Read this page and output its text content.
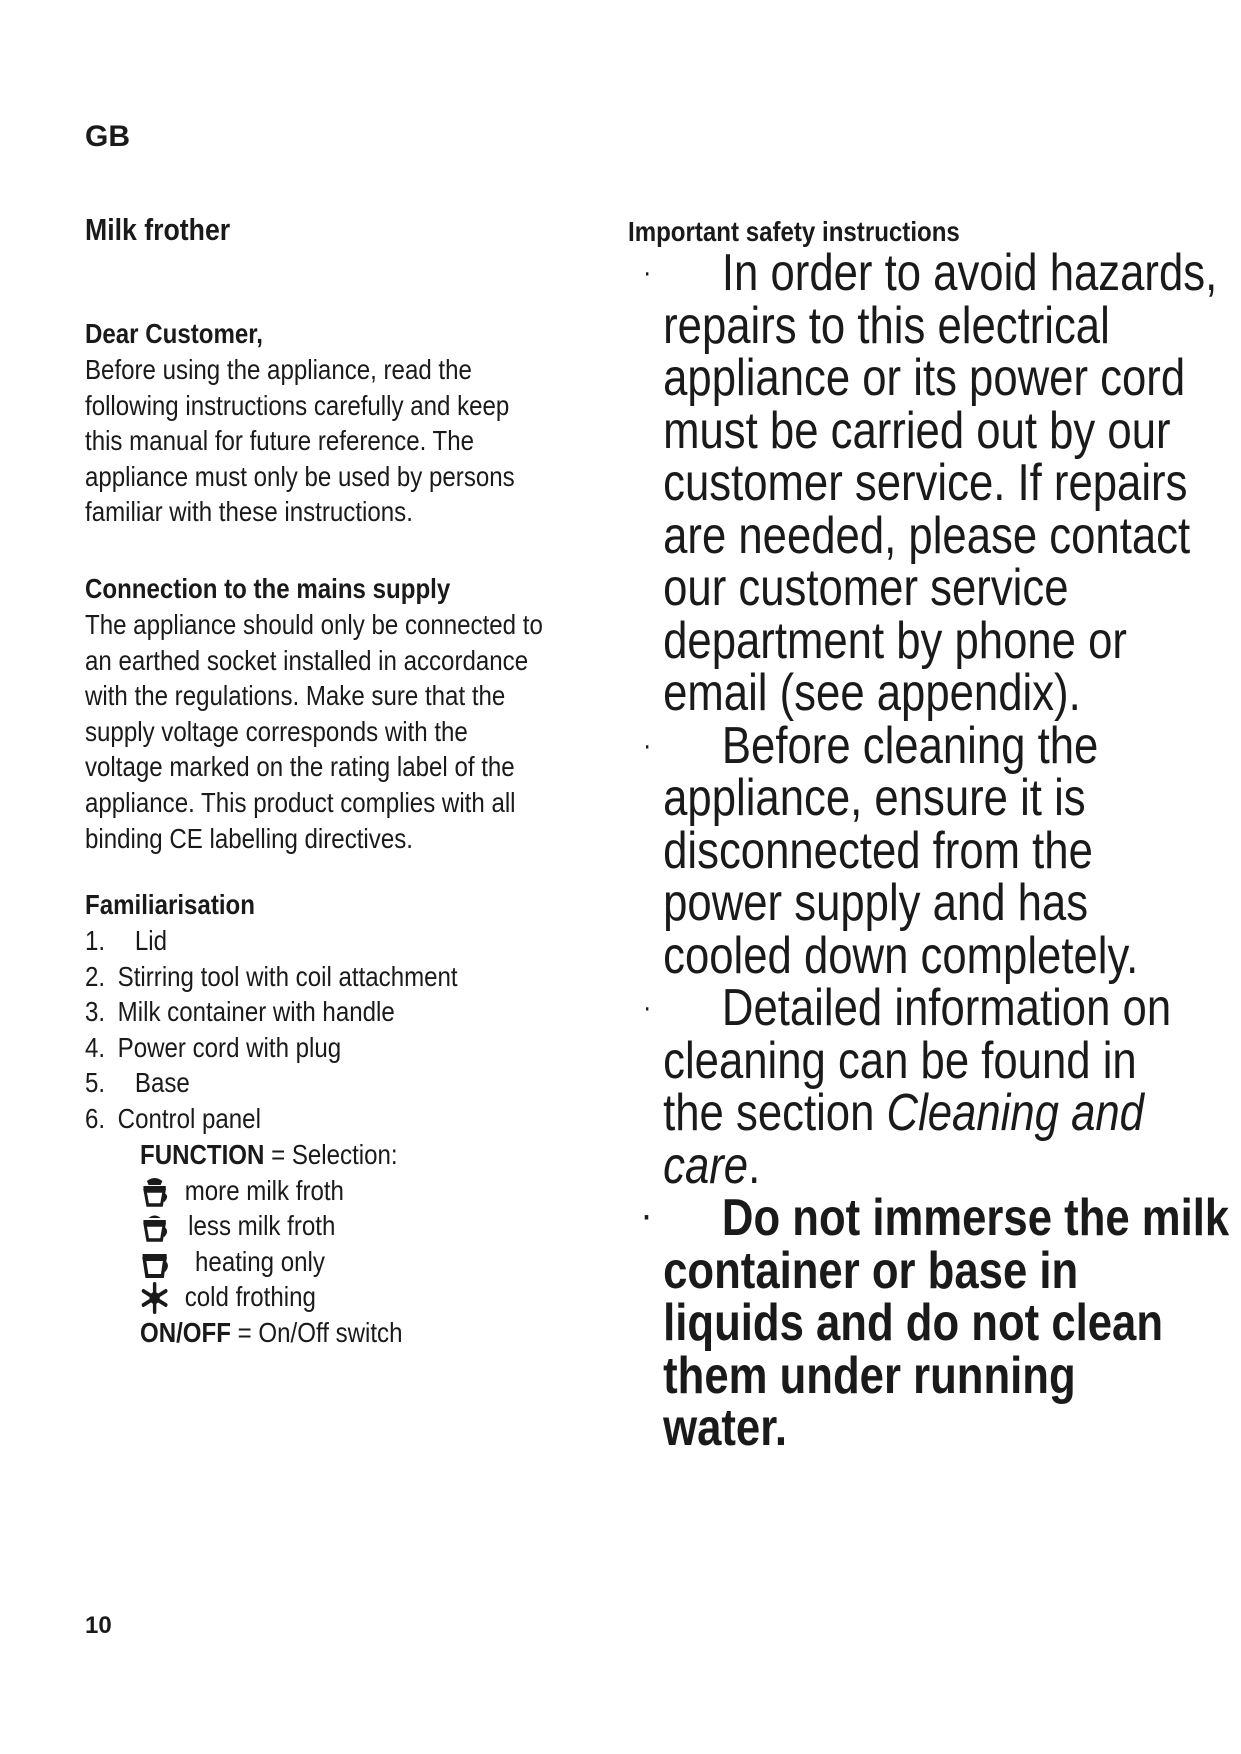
GB
Milk frother
Dear Customer,
Before using the appliance, read the
following instructions carefully and keep
this manual for future reference. The
appliance must only be used by persons
familiar with these instructions.
Connection to the mains supply
The appliance should only be connected to
an earthed socket installed in accordance
with the regulations. Make sure that the
supply voltage corresponds with the
voltage marked on the rating label of the
appliance. This product complies with all
binding CE labelling directives.
Familiarisation
1. Lid
2. Stirring tool with coil attachment
3. Milk container with handle
4. Power cord with plug
5. Base
6. Control panel
FUNCTION = Selection:
more milk froth
less milk froth
heating only
cold frothing
ON/OFF = On/Off switch
Important safety instructions
·	In order to avoid hazards,
repairs to this electrical
appliance or its power cord
must be carried out by our
customer service. If repairs
are needed, please contact
our customer service
department by phone or
email (see appendix).
·	Before cleaning the
appliance, ensure it is
disconnected from the
power supply and has
cooled down completely.
·	Detailed information on
cleaning can be found in
the section Cleaning and
care.
·	Do not immerse the milk
container or base in
liquids and do not clean
them under running
water.
10
